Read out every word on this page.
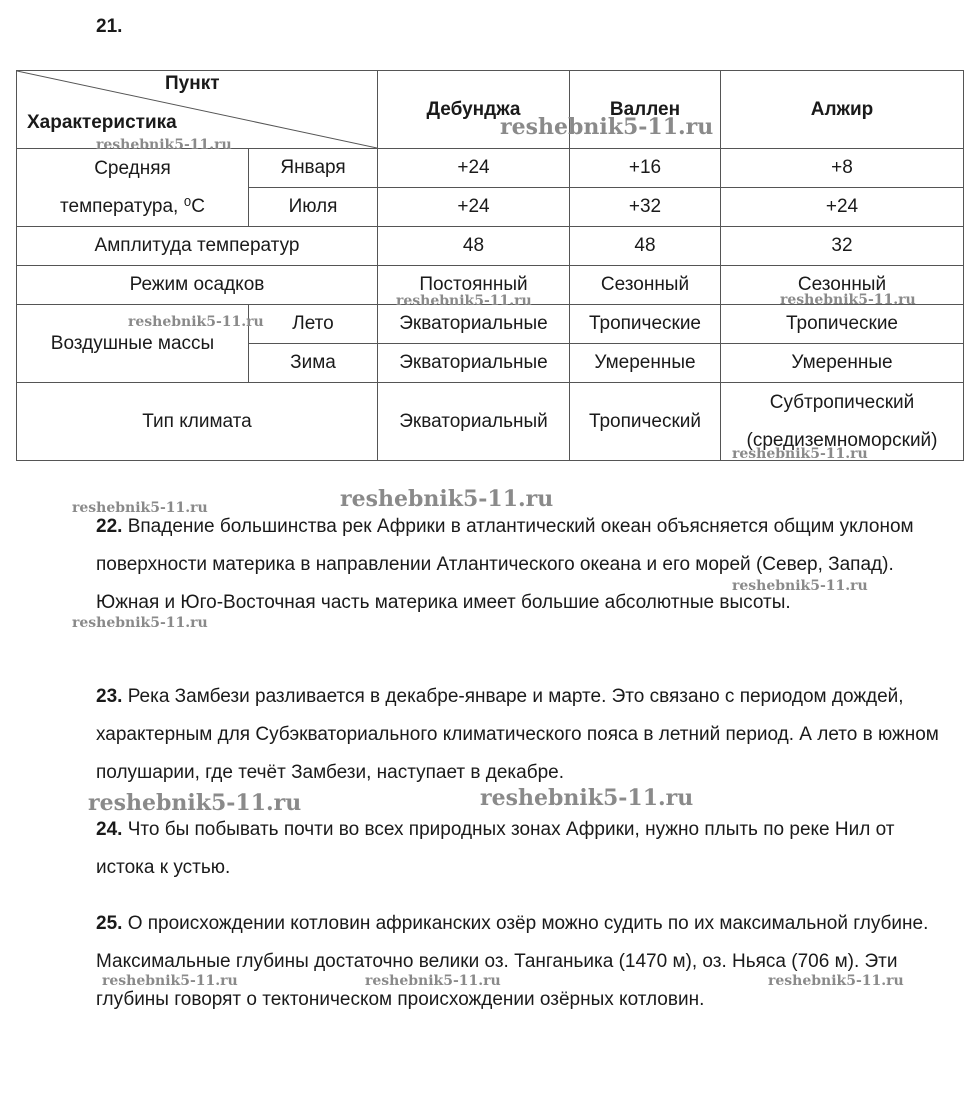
21.
Пункт
Характеристика		Дебунджа	Валлен	Алжир

Средняя
температура, ⁰С	Января	+24	+16	+8
	Июля	+24	+32	+24
Амплитуда температур		48	48	32
Режим осадков		Постоянный	Сезонный	Сезонный
Воздушные массы	Лето	Экваториальные	Тропические	Тропические
	Зима	Экваториальные	Умеренные	Умеренные
Тип климата		Экваториальный	Тропический	Субтропический
(средиземноморский)

22. Впадение большинства рек Африки в атлантический океан объясняется общим уклоном поверхности материка в направлении Атлантического океана и его морей (Север, Запад). Южная и Юго-Восточная часть материка имеет большие абсолютные высоты.

23. Река Замбези разливается в декабре-январе и марте. Это связано с периодом дождей, характерным для Субэкваториального климатического пояса в летний период. А лето в южном полушарии, где течёт Замбези, наступает в декабре.

24. Что бы побывать почти во всех природных зонах Африки, нужно плыть по реке Нил от истока к устью.

25. О происхождении котловин африканских озёр можно судить по их максимальной глубине. Максимальные глубины достаточно велики оз. Танганьика (1470 м), оз. Ньяса (706 м). Эти глубины говорят о тектоническом происхождении озёрных котловин.

reshebnik5-11.ru
reshebnik5-11.ru
reshebnik5-11.ru	reshebnik5-11.ru
reshebnik5-11.ru
reshebnik5-11.ru
reshebnik5-11.ru
reshebnik5-11.ru
reshebnik5-11.ru
reshebnik5-11.ru
reshebnik5-11.ru	reshebnik5-11.ru
reshebnik5-11.ru	reshebnik5-11.ru	reshebnik5-11.ru
